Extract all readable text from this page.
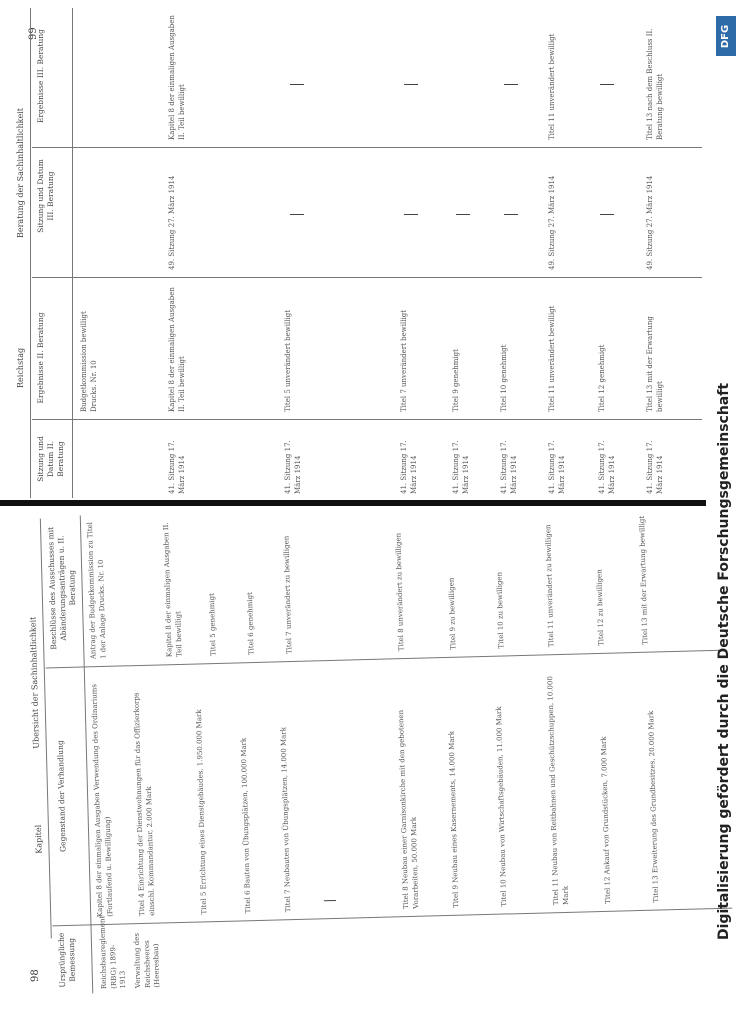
98
99
Kapitel
Ubersicht der Sachinhaltlichkeit
Ursprüngliche Bemessung
Gegenstand der Verhandlung
Beschlüsse des Ausschusses mit Abänderungsanträgen u. II. Beratung
Reichsbaureglement (RBG) 1899-1913 Verwaltung des Reichsheeres (Heeresbau)
Kapitel 8 der einmaligen Ausgaben Verwendung des Ordinariums (Fortlaufend u. Bewilligung)
Antrag der Budgetkommission zu Titel 1 der Anlage Drucks. Nr. 10
Titel 4 Einrichtung der Dienstwohnungen für das Offizierkorps einschl. Kommandantur, 2.000 Mark
Kapitel 8 der einmaligen Ausgaben II. Teil bewilligt
Titel 5 Errichtung eines Dienstgebäudes, 1.950.000 Mark
Titel 5 genehmigt
Titel 6 Bauten von Übungsplätzen, 100.000 Mark
Titel 6 genehmigt
Titel 7 Neubauten von Übungsplätzen, 14.000 Mark
Titel 7 unverändert zu bewilligen
Titel 8 Neubau einer Garnisonkirche mit den gebotenen Vorarbeiten, 50.000 Mark
Titel 8 unverändert zu bewilligen
Titel 9 Neubau eines Kasernements, 14.000 Mark
Titel 9 zu bewilligen
Titel 10 Neubau von Wirtschaftsgebäuden, 11.000 Mark
Titel 10 zu bewilligen
Titel 11 Neubau von Reitbahnen und Geschützschuppen, 10.000 Mark
Titel 11 unverändert zu bewilligen
Titel 12 Ankauf von Grundstücken, 7.000 Mark
Titel 12 zu bewilligen
Titel 13 Erweiterung des Grundbesitzes, 20.000 Mark
Titel 13 mit der Erwartung bewilligt
Reichstag
Beratung der Sachinhaltlichkeit
Sitzung und Datum II. Beratung
Ergebnisse II. Beratung
Sitzung und Datum III. Beratung
Ergebnisse III. Beratung
Budgetkommission bewilligt Drucks. Nr. 10
41. Sitzung 17. März 1914
Kapitel 8 der einmaligen Ausgaben II. Teil bewilligt
49. Sitzung 27. März 1914
Kapitel 8 der einmaligen Ausgaben II. Teil bewilligt
41. Sitzung 17. März 1914
Titel 5 unverändert bewilligt
41. Sitzung 17. März 1914
Titel 7 unverändert bewilligt
41. Sitzung 17. März 1914
Titel 9 genehmigt
41. Sitzung 17. März 1914
Titel 10 genehmigt
41. Sitzung 17. März 1914
Titel 11 unverändert bewilligt
49. Sitzung 27. März 1914
Titel 11 unverändert bewilligt
41. Sitzung 17. März 1914
Titel 12 genehmigt
41. Sitzung 17. März 1914
Titel 13 mit der Erwartung bewilligt
49. Sitzung 27. März 1914
Titel 13 nach dem Beschluss II. Beratung bewilligt
DFG
Digitalisierung gefördert durch die Deutsche Forschungsgemeinschaft
